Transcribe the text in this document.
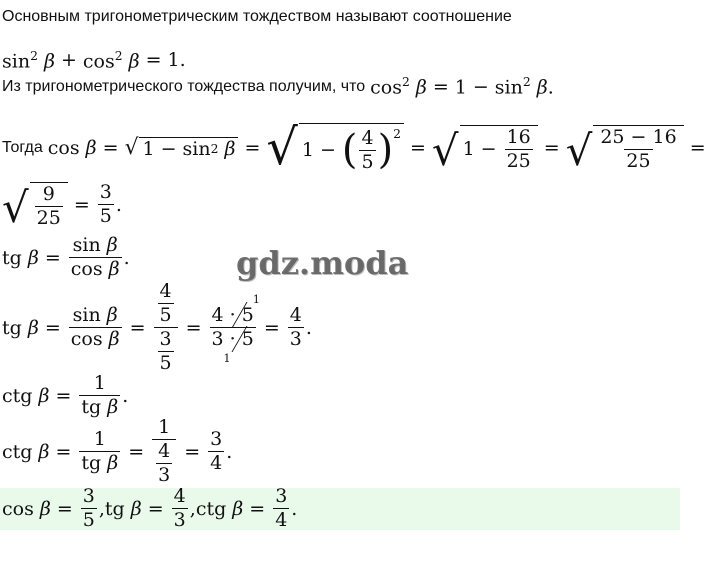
Основным тригонометрическим тождеством называют соотношение
$\sin^2 \beta + \cos^2 \beta = 1$.
Из тригонометрического тождества получим, что $\cos^2 \beta = 1 - \sin^2 \beta$.
Тогда cos β = √ 1 − sin 2
β = √ 1 − ( $\frac{4}{5} )^2$
= √ $1 - \frac{16}{25}$ = √ $\frac{25 - 16}{25}$ =
√ $\frac{9}{25} = \frac{3}{5}$ .
tg $\beta = \frac{\text{sin β}}{\text{cos β}}$ .	gdz.moda
tg $\beta = \frac{\text{sin β}}{\text{cos β}} = \frac{\frac{4}{5}}{\frac{3}{5}}$ =
4 · 5
3 · 5
1
1
= $\frac{4}{3}$ .
ctg $\beta = \frac{1}{\text{tg β}}$ .
ctg $\beta = \frac{1}{\text{tg β}} = \frac{1}{\frac{4}{3}} = \frac{3}{4}$ .
$\cos \beta = \frac{3}{5}$ , tg $\beta = \frac{4}{3}$ , ctg $\beta = \frac{3}{4}$ .
